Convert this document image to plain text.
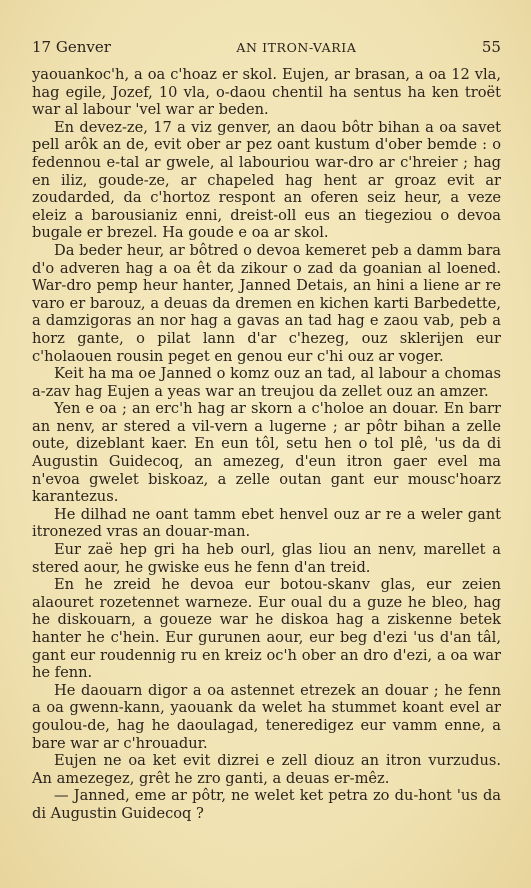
17 Genver	AN ITRON-VARIA	55

yaouankoc'h, a oa c'hoaz er skol. Eujen, ar brasan, a oa 12 vla, hag egile, Jozef, 10 vla, o-daou chentil ha sentus ha ken troët war al labour 'vel war ar beden.

En devez-ze, 17 a viz genver, an daou bôtr bihan a oa savet pell arôk an de, evit ober ar pez oant kustum d'ober bemde : o fedennou e-tal ar gwele, al labouriou war-dro ar c'hreier ; hag en iliz, goude-ze, ar chapeled hag hent ar groaz evit ar zoudarded, da c'hortoz respont an oferen seiz heur, a veze eleiz a barousianiz enni, dreist-oll eus an tiegeziou o devoa bugale er brezel. Ha goude e oa ar skol.

Da beder heur, ar bôtred o devoa kemeret peb a damm bara d'o adveren hag a oa êt da zikour o zad da goanian al loened. War-dro pemp heur hanter, Janned Detais, an hini a liene ar re varo er barouz, a deuas da dremen en kichen karti Barbedette, a damzigoras an nor hag a gavas an tad hag e zaou vab, peb a horz gante, o pilat lann d'ar c'hezeg, ouz sklerijen eur c'holaouen rousin peget en genou eur c'hi ouz ar voger.

Keit ha ma oe Janned o komz ouz an tad, al labour a chomas a-zav hag Eujen a yeas war an treujou da zellet ouz an amzer.

Yen e oa ; an erc'h hag ar skorn a c'holoe an douar. En barr an nenv, ar stered a vil-vern a lugerne ; ar pôtr bihan a zelle oute, dizeblant kaer. En eun tôl, setu hen o tol plê, 'us da di Augustin Guidecoq, an amezeg, d'eun itron gaer evel ma n'evoa gwelet biskoaz, a zelle outan gant eur mousc'hoarz karantezus.

He dilhad ne oant tamm ebet henvel ouz ar re a weler gant itronezed vras an douar-man.

Eur zaë hep gri ha heb ourl, glas liou an nenv, marellet a stered aour, he gwiske eus he fenn d'an treid.

En he zreid he devoa eur botou-skanv glas, eur zeien alaouret rozetennet warneze. Eur oual du a guze he bleo, hag he diskouarn, a goueze war he diskoa hag a ziskenne betek hanter he c'hein. Eur gurunen aour, eur beg d'ezi 'us d'an tâl, gant eur roudennig ru en kreiz oc'h ober an dro d'ezi, a oa war he fenn.

He daouarn digor a oa astennet etrezek an douar ; he fenn a oa gwenn-kann, yaouank da welet ha stummet koant evel ar goulou-de, hag he daoulagad, teneredigez eur vamm enne, a bare war ar c'hrouadur.

Eujen ne oa ket evit dizrei e zell diouz an itron vurzudus. An amezegez, grêt he zro ganti, a deuas er-mêz.

— Janned, eme ar pôtr, ne welet ket petra zo du-hont 'us da di Augustin Guidecoq ?
